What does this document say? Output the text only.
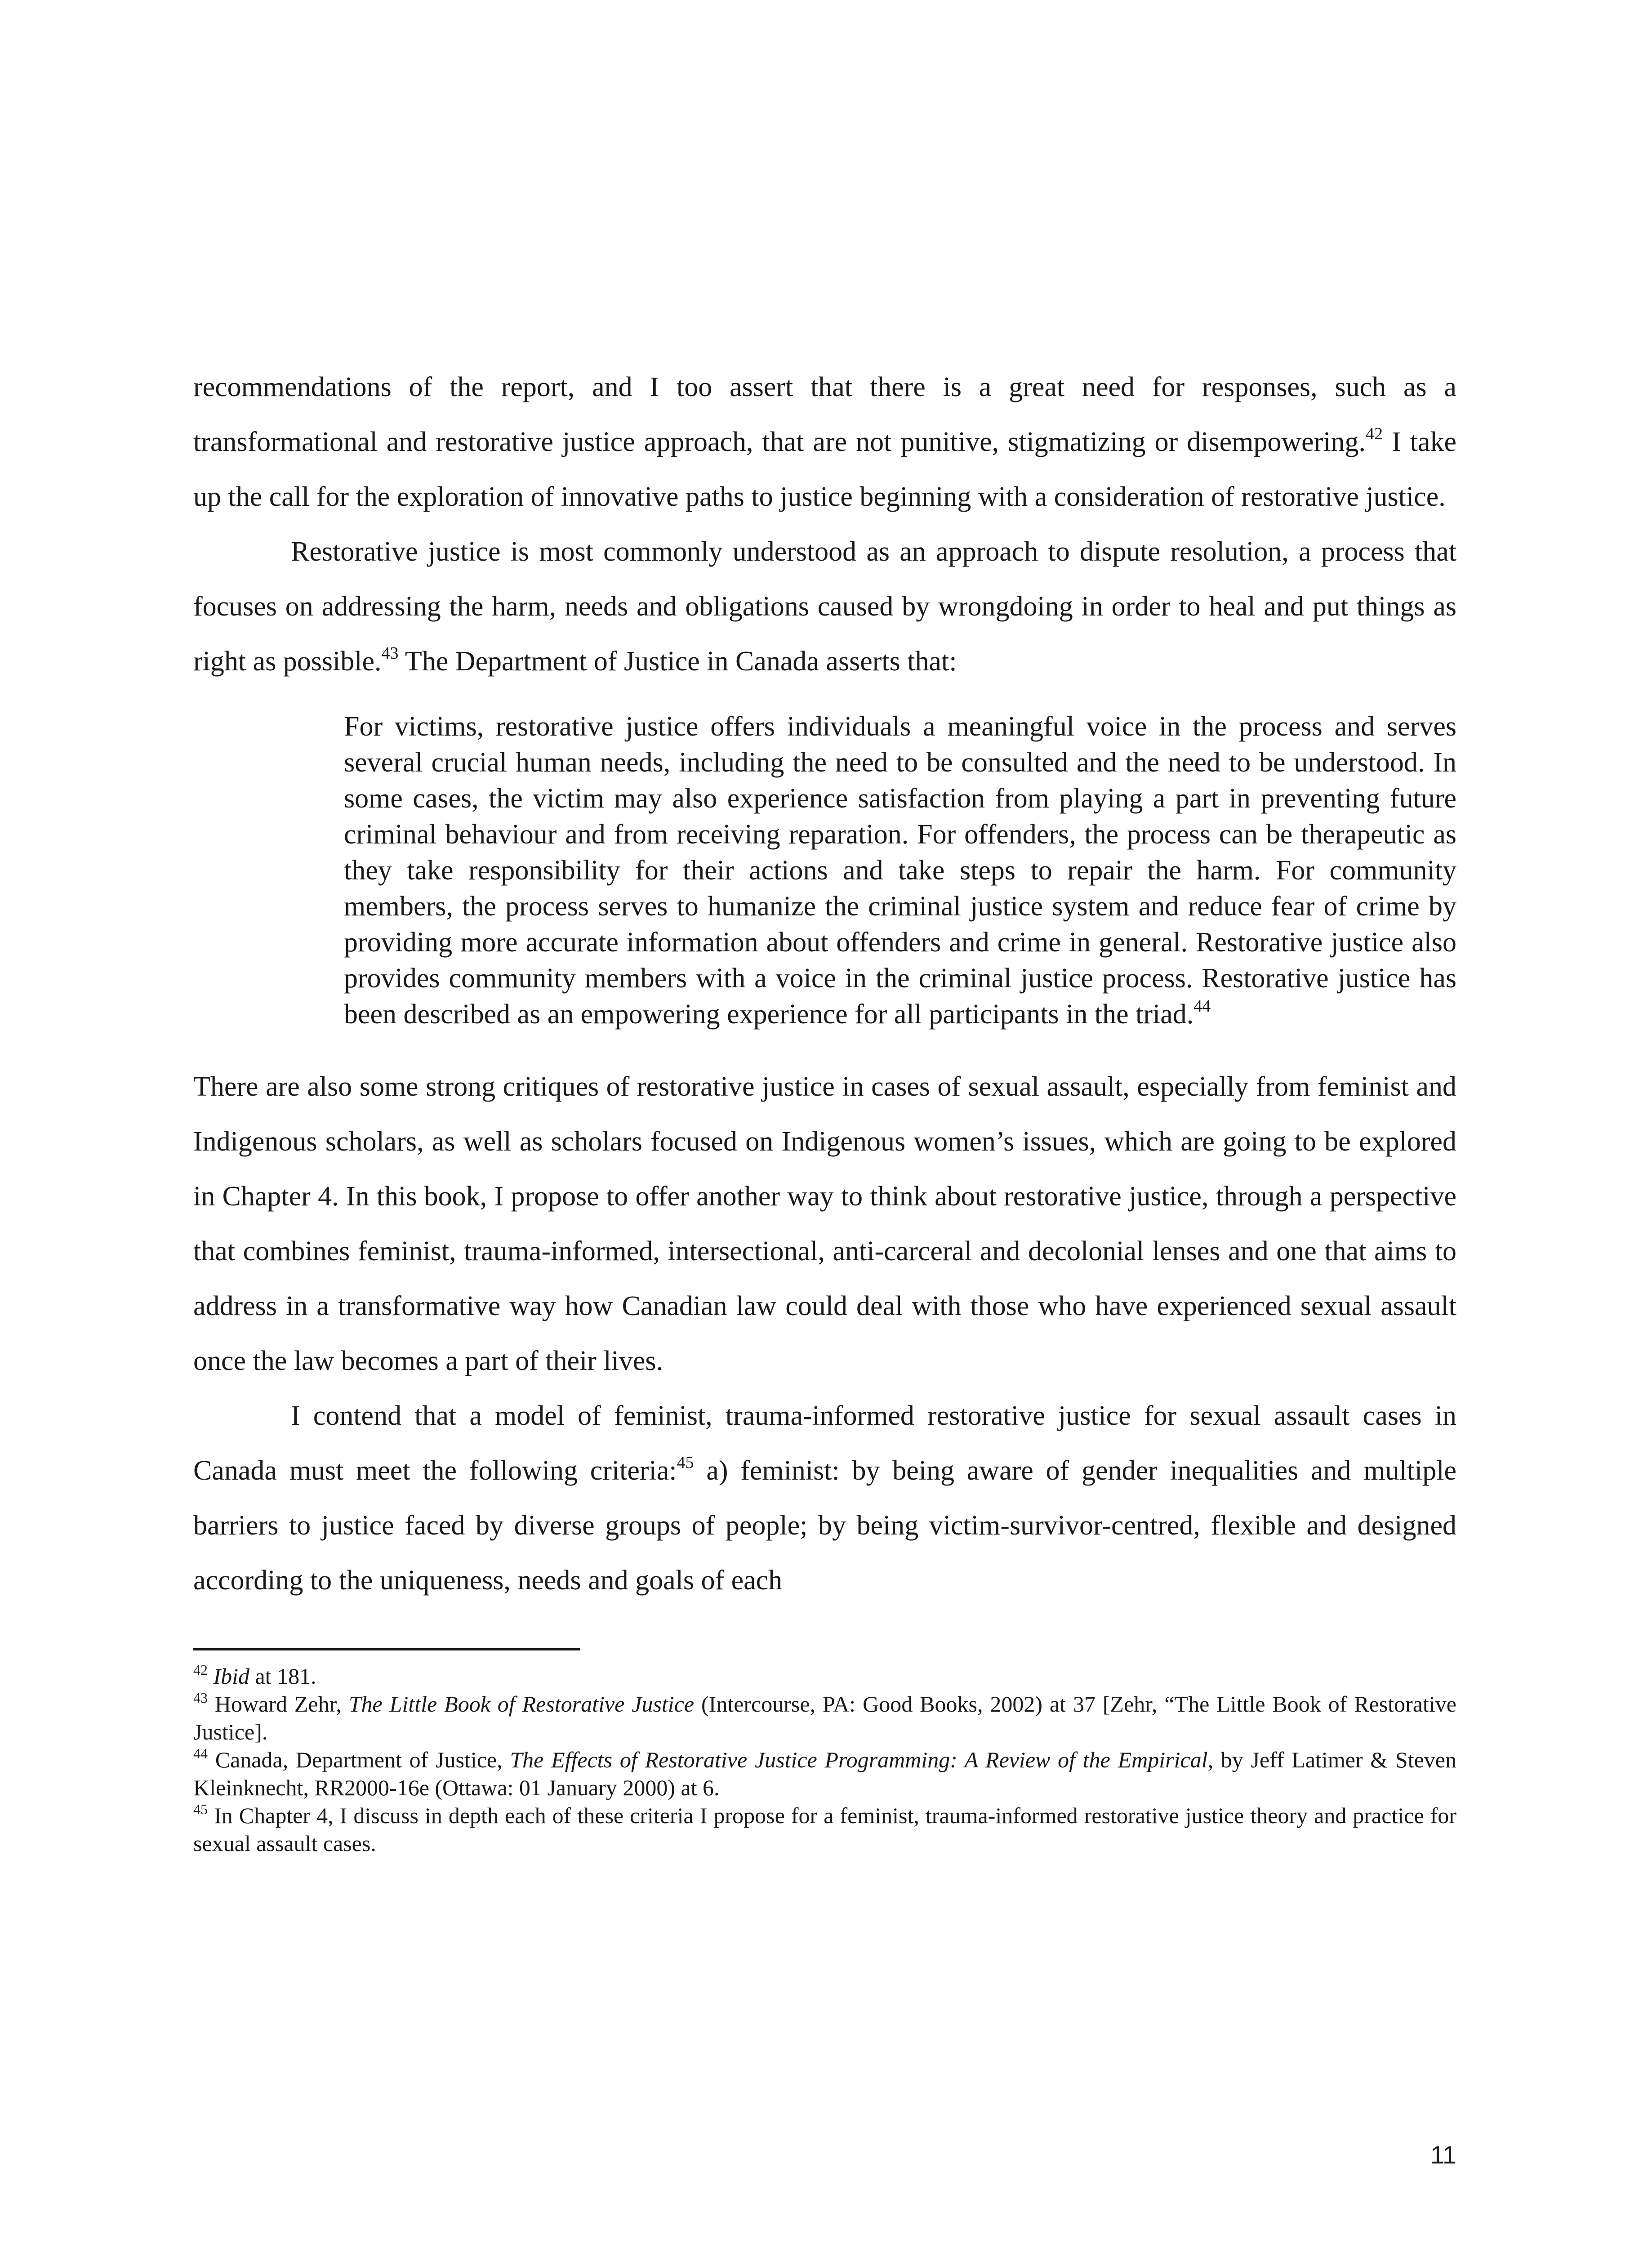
recommendations of the report, and I too assert that there is a great need for responses, such as a transformational and restorative justice approach, that are not punitive, stigmatizing or disempowering.$^{42}$ I take up the call for the exploration of innovative paths to justice beginning with a consideration of restorative justice.

Restorative justice is most commonly understood as an approach to dispute resolution, a process that focuses on addressing the harm, needs and obligations caused by wrongdoing in order to heal and put things as right as possible.$^{43}$ The Department of Justice in Canada asserts that:

For victims, restorative justice offers individuals a meaningful voice in the process and serves several crucial human needs, including the need to be consulted and the need to be understood. In some cases, the victim may also experience satisfaction from playing a part in preventing future criminal behaviour and from receiving reparation. For offenders, the process can be therapeutic as they take responsibility for their actions and take steps to repair the harm. For community members, the process serves to humanize the criminal justice system and reduce fear of crime by providing more accurate information about offenders and crime in general. Restorative justice also provides community members with a voice in the criminal justice process. Restorative justice has been described as an empowering experience for all participants in the triad.$^{44}$

There are also some strong critiques of restorative justice in cases of sexual assault, especially from feminist and Indigenous scholars, as well as scholars focused on Indigenous women’s issues, which are going to be explored in Chapter 4. In this book, I propose to offer another way to think about restorative justice, through a perspective that combines feminist, trauma-informed, intersectional, anti-carceral and decolonial lenses and one that aims to address in a transformative way how Canadian law could deal with those who have experienced sexual assault once the law becomes a part of their lives.

I contend that a model of feminist, trauma-informed restorative justice for sexual assault cases in Canada must meet the following criteria:$^{45}$ a) feminist: by being aware of gender inequalities and multiple barriers to justice faced by diverse groups of people; by being victim-survivor-centred, flexible and designed according to the uniqueness, needs and goals of each

$^{42}$ Ibid at 181.

$^{43}$ Howard Zehr, The Little Book of Restorative Justice (Intercourse, PA: Good Books, 2002) at 37 [Zehr, “The Little Book of Restorative Justice].

$^{44}$ Canada, Department of Justice, The Effects of Restorative Justice Programming: A Review of the Empirical, by Jeff Latimer & Steven Kleinknecht, RR2000-16e (Ottawa: 01 January 2000) at 6.

$^{45}$ In Chapter 4, I discuss in depth each of these criteria I propose for a feminist, trauma-informed restorative justice theory and practice for sexual assault cases.

11
